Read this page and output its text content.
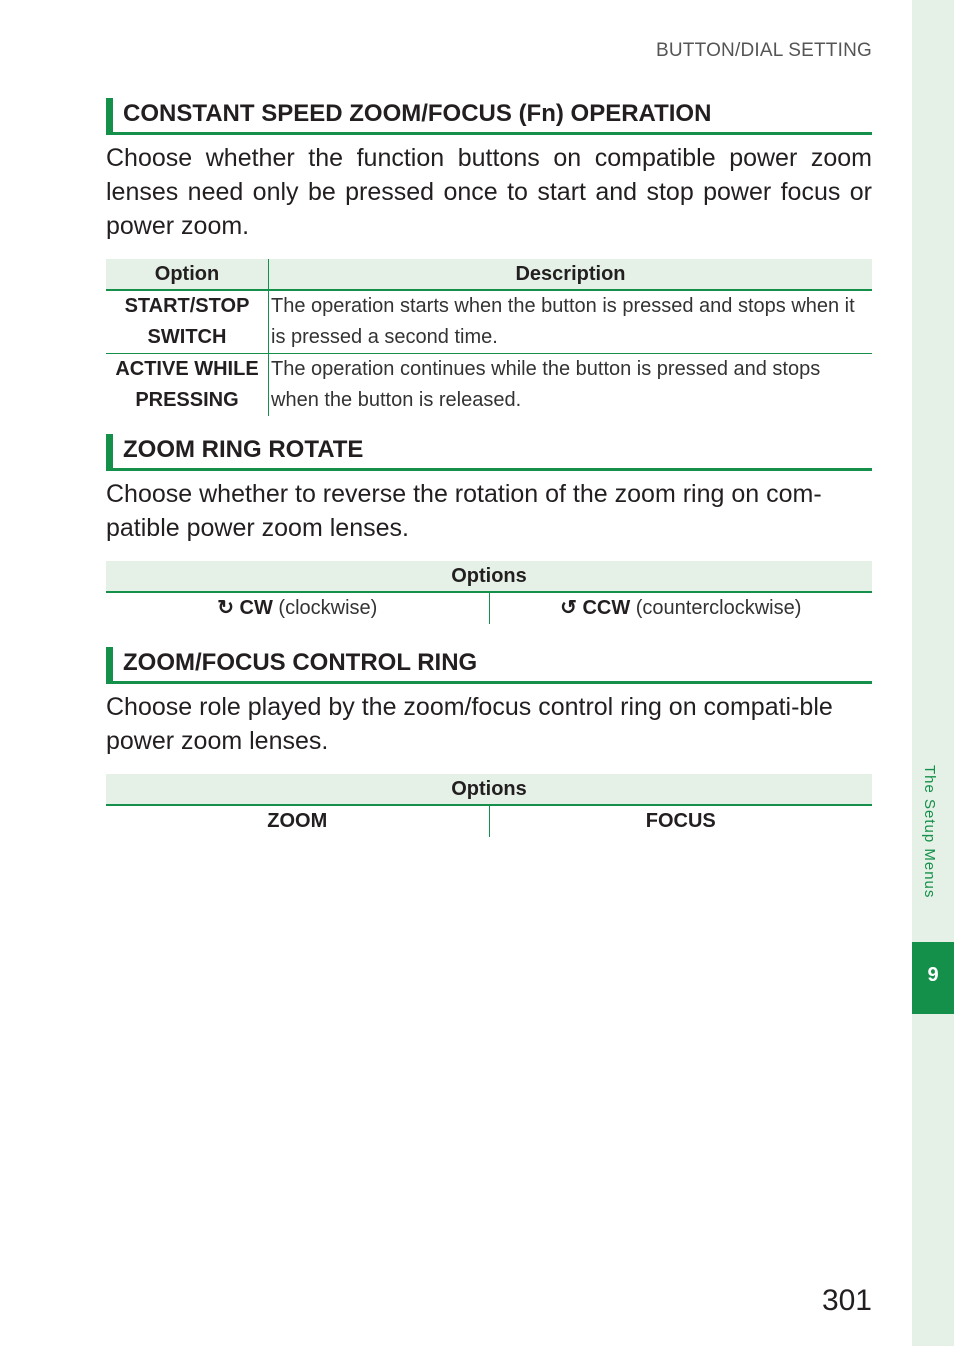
BUTTON/DIAL SETTING
The Setup Menus
9
CONSTANT SPEED ZOOM/FOCUS (Fn) OPERATION
Choose whether the function buttons on compatible power zoom lenses need only be pressed once to start and stop power focus or power zoom.
Option	Description
START/STOP SWITCH	The operation starts when the button is pressed and stops when it is pressed a second time.
ACTIVE WHILE PRESSING	The operation continues while the button is pressed and stops when the button is released.
ZOOM RING ROTATE
Choose whether to reverse the rotation of the zoom ring on com-patible power zoom lenses.
Options
↻ CW (clockwise)	↺ CCW (counterclockwise)
ZOOM/FOCUS CONTROL RING
Choose role played by the zoom/focus control ring on compati-ble power zoom lenses.
Options
ZOOM	FOCUS
301
